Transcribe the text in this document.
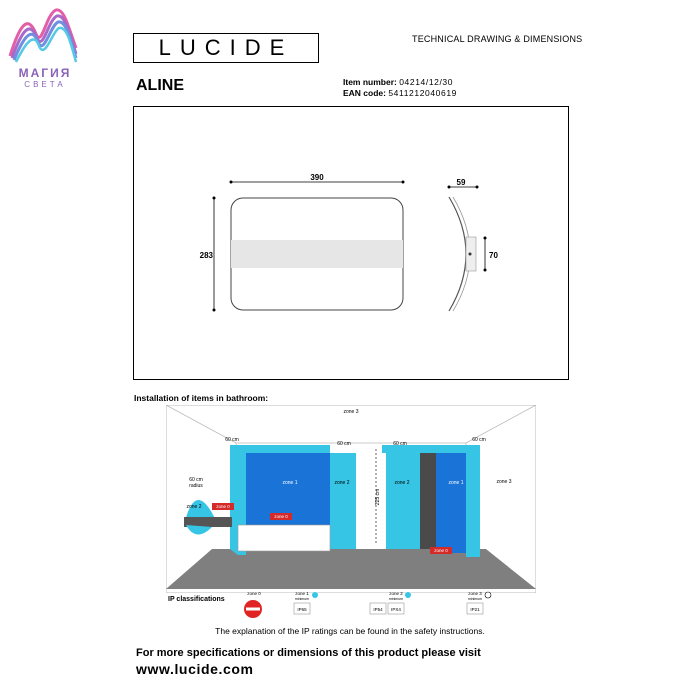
МАГИЯ
СВЕТА
LUCIDE	TECHNICAL DRAWING & DIMENSIONS
ALINE	Item number: 04214/12/30
EAN code: 5411212040619
390
283
59
70
Installation of items in bathroom:
zone 3
zone 3
zone 1	zone 2	zone 2	zone 1
zone 2
zone 0
zone 0
zone 0
60 cm
60 cm	60 cm
60 cm
60 cm
radius
225 cm
IP classifications
zone 0	zone 1
minimum
IP65
zone 2
minimum
IP54 IPX4
zone 3
minimum
IP21
The explanation of the IP ratings can be found in the safety instructions.
For more specifications or dimensions of this product please visit
www.lucide.com
